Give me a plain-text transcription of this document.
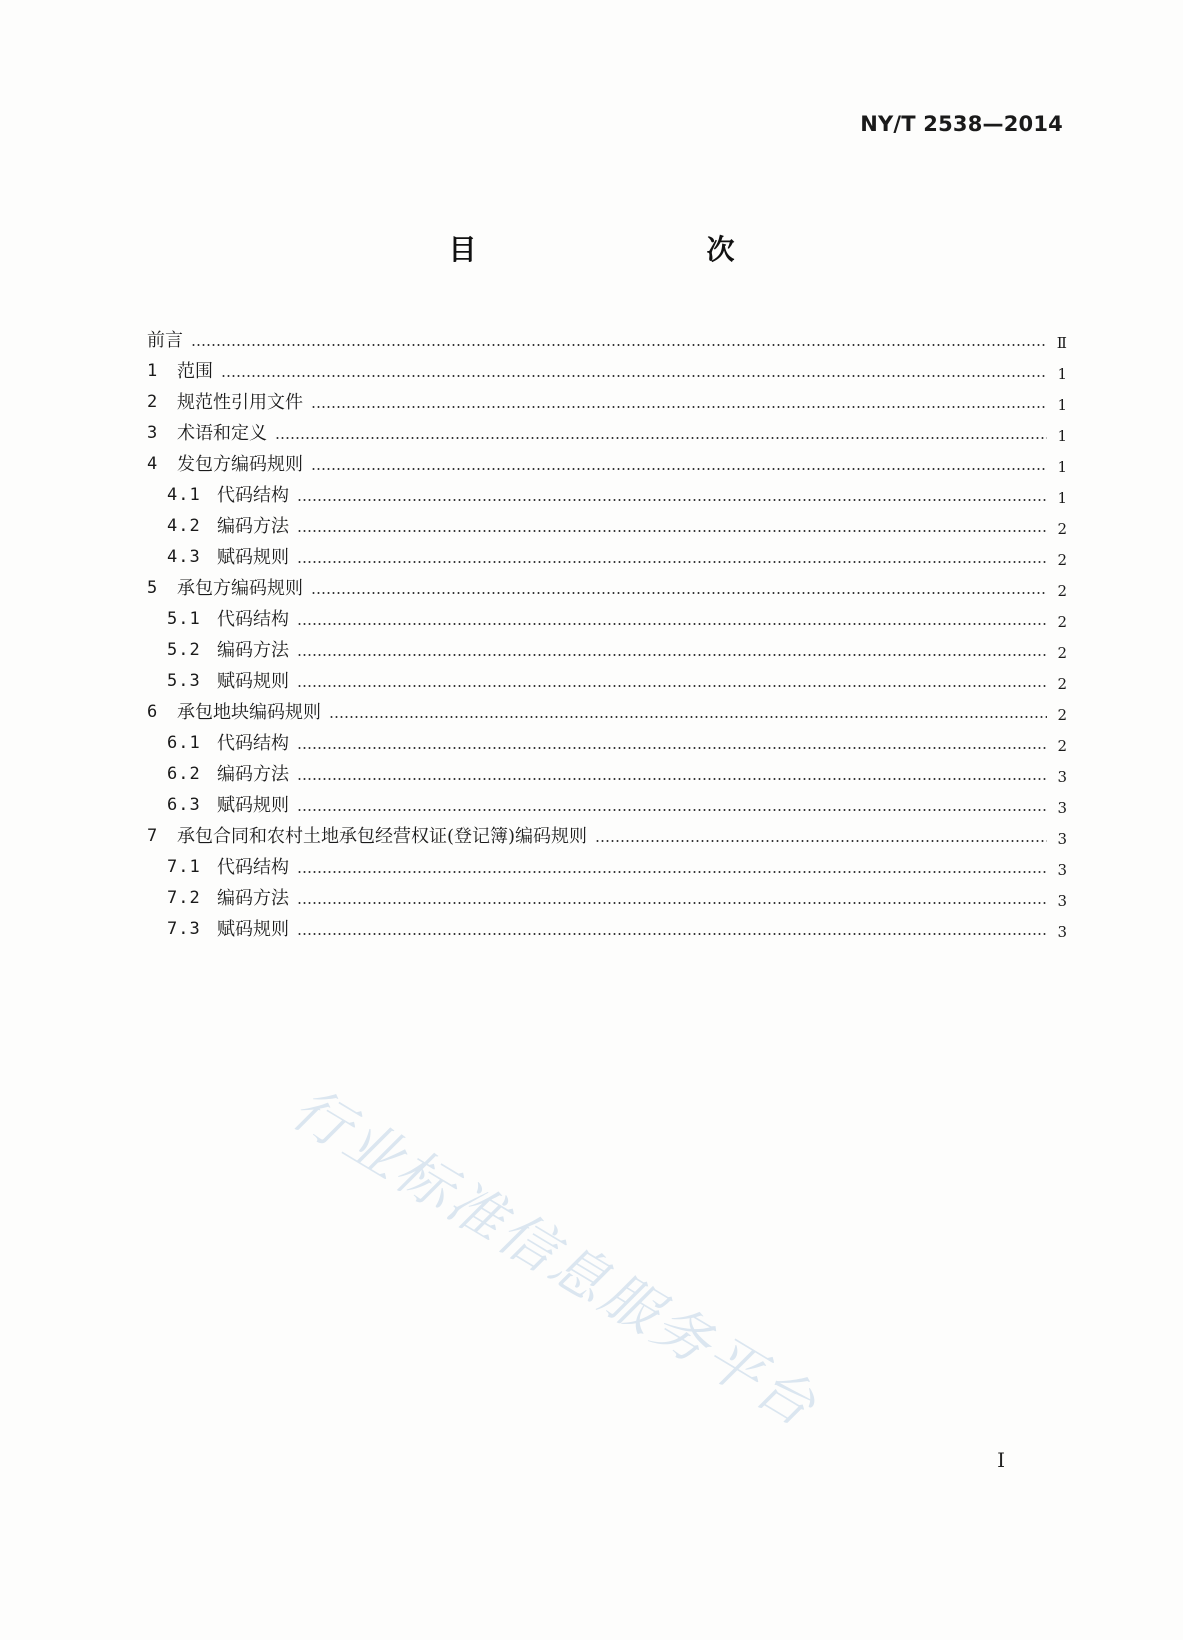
NY/T 2538—2014
目　　次
前言	Ⅱ
1	范围	1
2	规范性引用文件	1
3	术语和定义	1
4	发包方编码规则	1
4.1 代码结构	1
4.2 编码方法	2
4.3 赋码规则	2
5	承包方编码规则	2
5.1 代码结构	2
5.2 编码方法	2
5.3 赋码规则	2
6	承包地块编码规则	2
6.1 代码结构	2
6.2 编码方法	3
6.3 赋码规则	3
7	承包合同和农村土地承包经营权证(登记簿)编码规则	3
7.1 代码结构	3
7.2 编码方法	3
7.3 赋码规则	3
行业标准信息服务平台
Ⅰ
